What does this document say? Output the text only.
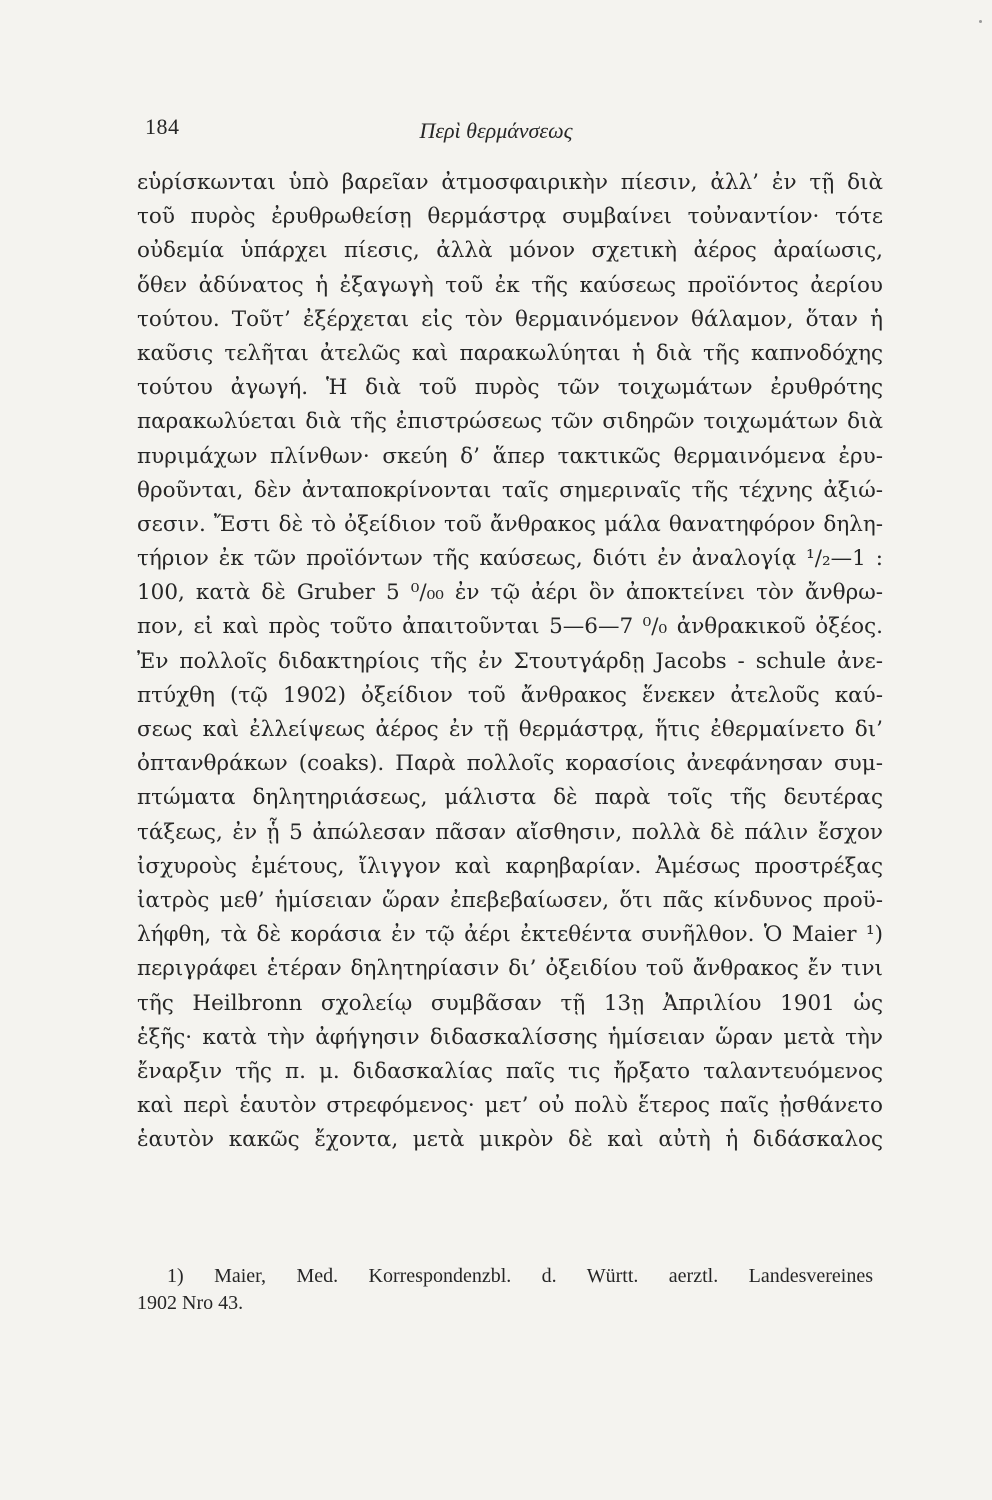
184	Περὶ θερμάνσεως
εὑρίσκωνται ὑπὸ βαρεῖαν ἀτμοσφαιρικὴν πίεσιν, ἀλλ’ ἐν τῇ διὰ
τοῦ πυρὸς ἐρυθρωθείσῃ θερμάστρᾳ συμβαίνει τοὐναντίον· τότε
οὐδεμία ὑπάρχει πίεσις, ἀλλὰ μόνον σχετικὴ ἀέρος ἀραίωσις,
ὅθεν ἀδύνατος ἡ ἐξαγωγὴ τοῦ ἐκ τῆς καύσεως προϊόντος ἀερίου
τούτου. Τοῦτ’ ἐξέρχεται εἰς τὸν θερμαινόμενον θάλαμον, ὅταν ἡ
καῦσις τελῆται ἀτελῶς καὶ παρακωλύηται ἡ διὰ τῆς καπνοδόχης
τούτου ἀγωγή. Ἡ διὰ τοῦ πυρὸς τῶν τοιχωμάτων ἐρυθρότης
παρακωλύεται διὰ τῆς ἐπιστρώσεως τῶν σιδηρῶν τοιχωμάτων διὰ
πυριμάχων πλίνθων· σκεύη δ’ ἅπερ τακτικῶς θερμαινόμενα ἐρυ-
θροῦνται, δὲν ἀνταποκρίνονται ταῖς σημεριναῖς τῆς τέχνης ἀξιώ-
σεσιν. Ἔστι δὲ τὸ ὀξείδιον τοῦ ἄνθρακος μάλα θανατηφόρον δηλη-
τήριον ἐκ τῶν προϊόντων τῆς καύσεως, διότι ἐν ἀναλογίᾳ ¹/₂—1 :
100, κατὰ δὲ Gruber 5 ⁰/₀₀ ἐν τῷ ἀέρι ὃν ἀποκτείνει τὸν ἄνθρω-
πον, εἰ καὶ πρὸς τοῦτο ἀπαιτοῦνται 5—6—7 ⁰/₀ ἀνθρακικοῦ ὀξέος.
Ἐν πολλοῖς διδακτηρίοις τῆς ἐν Στουτγάρδῃ Jacobs - schule ἀνε-
πτύχθη (τῷ 1902) ὀξείδιον τοῦ ἄνθρακος ἕνεκεν ἀτελοῦς καύ-
σεως καὶ ἐλλείψεως ἀέρος ἐν τῇ θερμάστρᾳ, ἥτις ἐθερμαίνετο δι’
ὀπτανθράκων (coaks). Παρὰ πολλοῖς κορασίοις ἀνεφάνησαν συμ-
πτώματα δηλητηριάσεως, μάλιστα δὲ παρὰ τοῖς τῆς δευτέρας
τάξεως, ἐν ᾗ 5 ἀπώλεσαν πᾶσαν αἴσθησιν, πολλὰ δὲ πάλιν ἔσχον
ἰσχυροὺς ἐμέτους, ἴλιγγον καὶ καρηβαρίαν. Ἀμέσως προστρέξας
ἰατρὸς μεθ’ ἡμίσειαν ὥραν ἐπεβεβαίωσεν, ὅτι πᾶς κίνδυνος προϋ-
λήφθη, τὰ δὲ κοράσια ἐν τῷ ἀέρι ἐκτεθέντα συνῆλθον. Ὁ Maier ¹)
περιγράφει ἑτέραν δηλητηρίασιν δι’ ὀξειδίου τοῦ ἄνθρακος ἔν τινι
τῆς Heilbronn σχολείῳ συμβᾶσαν τῇ 13ῃ Ἀπριλίου 1901 ὡς
ἑξῆς· κατὰ τὴν ἀφήγησιν διδασκαλίσσης ἡμίσειαν ὥραν μετὰ τὴν
ἔναρξιν τῆς π. μ. διδασκαλίας παῖς τις ἤρξατο ταλαντευόμενος
καὶ περὶ ἑαυτὸν στρεφόμενος· μετ’ οὐ πολὺ ἕτερος παῖς ᾐσθάνετο
ἑαυτὸν κακῶς ἔχοντα, μετὰ μικρὸν δὲ καὶ αὐτὴ ἡ διδάσκαλος
1) Maier, Med. Korrespondenzbl. d. Württ. aerztl. Landesvereines
1902 Nro 43.
